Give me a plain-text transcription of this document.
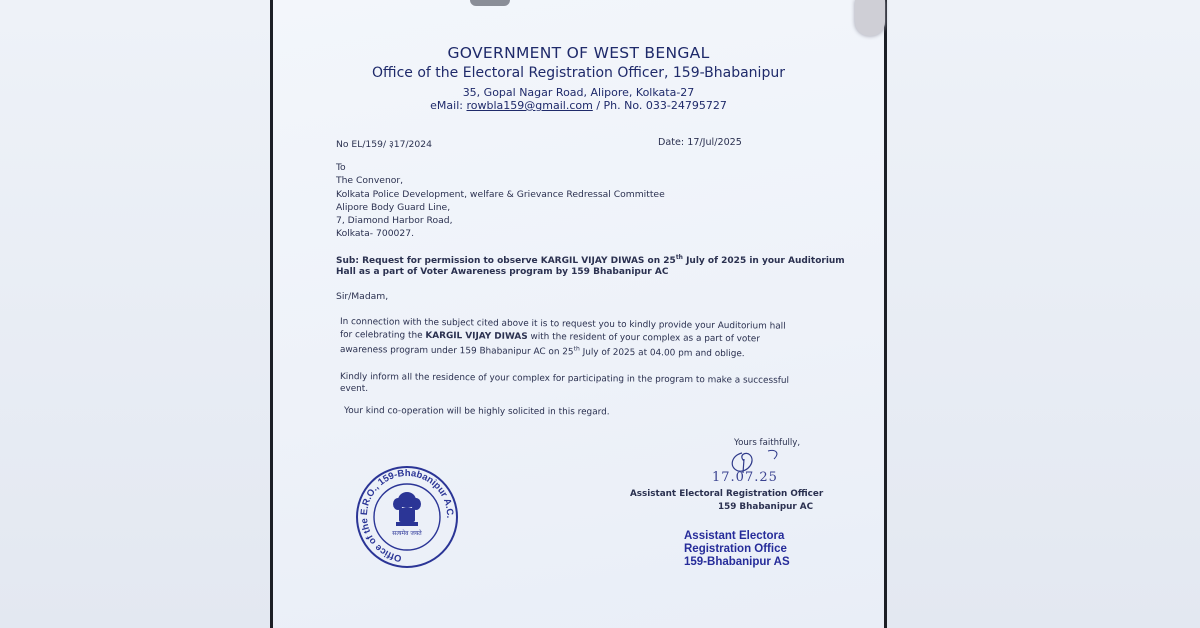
GOVERNMENT OF WEST BENGAL
Office of the Electoral Registration Officer, 159-Bhabanipur
35, Gopal Nagar Road, Alipore, Kolkata-27
eMail: rowbla159@gmail.com / Ph. No. 033-24795727
No EL/159/ ३17/2024	Date: 17/Jul/2025
To
The Convenor,
Kolkata Police Development, welfare & Grievance Redressal Committee
Alipore Body Guard Line,
7, Diamond Harbor Road,
Kolkata- 700027.
Sub: Request for permission to observe KARGIL VIJAY DIWAS on 25th July of 2025 in your Auditorium
Hall as a part of Voter Awareness program by 159 Bhabanipur AC
Sir/Madam,
In connection with the subject cited above it is to request you to kindly provide your Auditorium hall
for celebrating the KARGIL VIJAY DIWAS with the resident of your complex as a part of voter
awareness program under 159 Bhabanipur AC on 25th July of 2025 at 04.00 pm and oblige.
Kindly inform all the residence of your complex for participating in the program to make a successful
event.
Your kind co-operation will be highly solicited in this regard.
Yours faithfully,
17.07.25
Assistant Electoral Registration Officer
159 Bhabanipur AC
Assistant Electora
Registration Office
159-Bhabanipur AS
Office of the E.R.O., 159-Bhabanipur A.C.
सत्यमेव जयते
